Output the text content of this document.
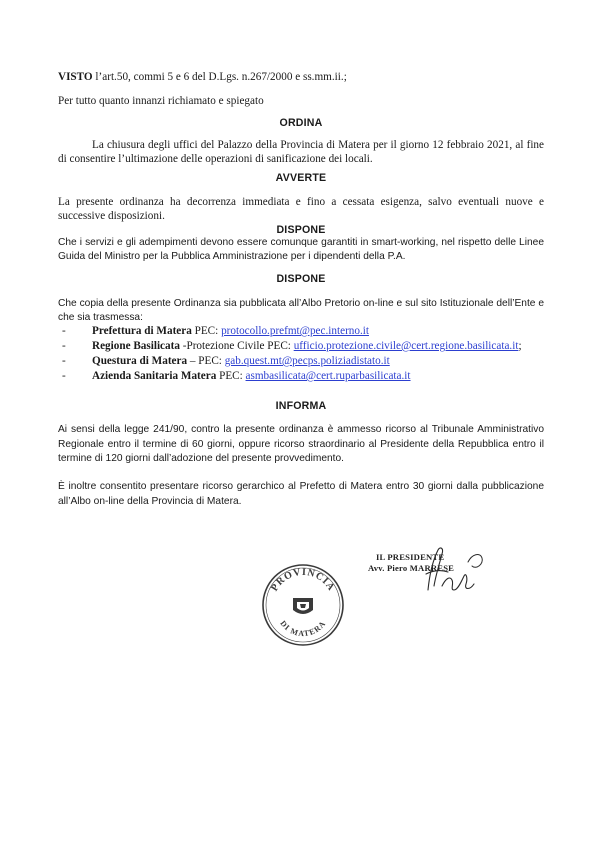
VISTO l’art.50, commi 5 e 6 del D.Lgs. n.267/2000 e ss.mm.ii.;

Per tutto quanto innanzi richiamato e spiegato

ORDINA

La chiusura degli uffici del Palazzo della Provincia di Matera per il giorno 12 febbraio 2021, al fine di consentire l’ultimazione delle operazioni di sanificazione dei locali.

AVVERTE

La presente ordinanza ha decorrenza immediata e fino a cessata esigenza, salvo eventuali nuove e successive disposizioni.

DISPONE

Che i servizi e gli adempimenti devono essere comunque garantiti in smart-working, nel rispetto delle Linee Guida del Ministro per la Pubblica Amministrazione per i dipendenti della P.A.

DISPONE

Che copia della presente Ordinanza sia pubblicata all’Albo Pretorio on-line e sul sito Istituzionale dell’Ente e che sia trasmessa:

- Prefettura di Matera PEC: protocollo.prefmt@pec.interno.it
- Regione Basilicata -Protezione Civile PEC: ufficio.protezione.civile@cert.regione.basilicata.it;
- Questura di Matera – PEC: gab.quest.mt@pecps.poliziadistato.it
- Azienda Sanitaria Matera PEC: asmbasilicata@cert.ruparbasilicata.it
INFORMA

Ai sensi della legge 241/90, contro la presente ordinanza è ammesso ricorso al Tribunale Amministrativo Regionale entro il termine di 60 giorni, oppure ricorso straordinario al Presidente della Repubblica entro il termine di 120 giorni dall’adozione del presente provvedimento.

È inoltre consentito presentare ricorso gerarchico al Prefetto di Matera entro 30 giorni dalla pubblicazione all’Albo on-line della Provincia di Matera.

PROVINCIA
DI MATERA
IL PRESIDENTE
Avv. Piero MARRESE
